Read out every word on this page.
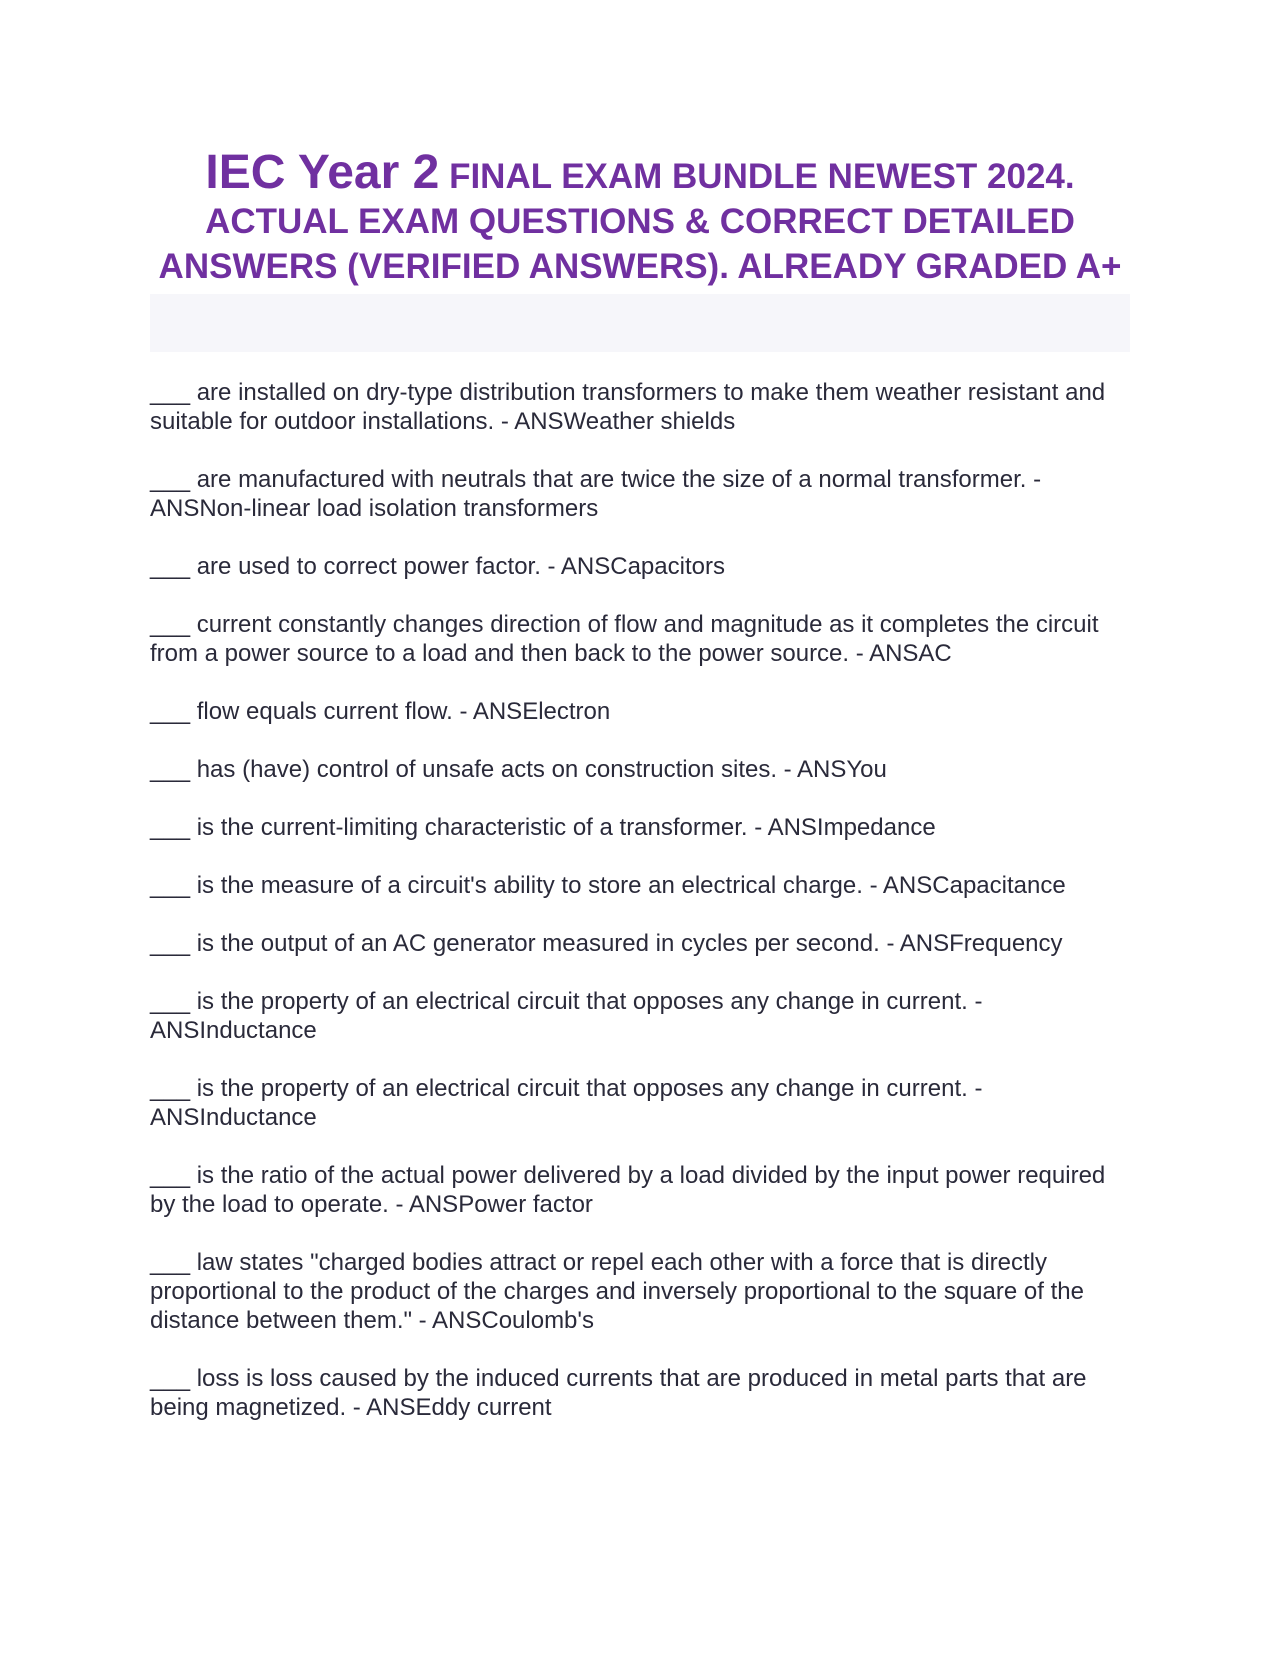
IEC Year 2 FINAL EXAM BUNDLE NEWEST 2024. ACTUAL EXAM QUESTIONS & CORRECT DETAILED ANSWERS (VERIFIED ANSWERS). ALREADY GRADED A+

___ are installed on dry-type distribution transformers to make them weather resistant and suitable for outdoor installations. - ANSWeather shields

___ are manufactured with neutrals that are twice the size of a normal transformer. - ANSNon-linear load isolation transformers

___ are used to correct power factor. - ANSCapacitors

___ current constantly changes direction of flow and magnitude as it completes the circuit from a power source to a load and then back to the power source. - ANSAC

___ flow equals current flow. - ANSElectron

___ has (have) control of unsafe acts on construction sites. - ANSYou

___ is the current-limiting characteristic of a transformer. - ANSImpedance

___ is the measure of a circuit's ability to store an electrical charge. - ANSCapacitance

___ is the output of an AC generator measured in cycles per second. - ANSFrequency

___ is the property of an electrical circuit that opposes any change in current. - ANSInductance

___ is the property of an electrical circuit that opposes any change in current. - ANSInductance

___ is the ratio of the actual power delivered by a load divided by the input power required by the load to operate. - ANSPower factor

___ law states "charged bodies attract or repel each other with a force that is directly proportional to the product of the charges and inversely proportional to the square of the distance between them." - ANSCoulomb's

___ loss is loss caused by the induced currents that are produced in metal parts that are being magnetized. - ANSEddy current
